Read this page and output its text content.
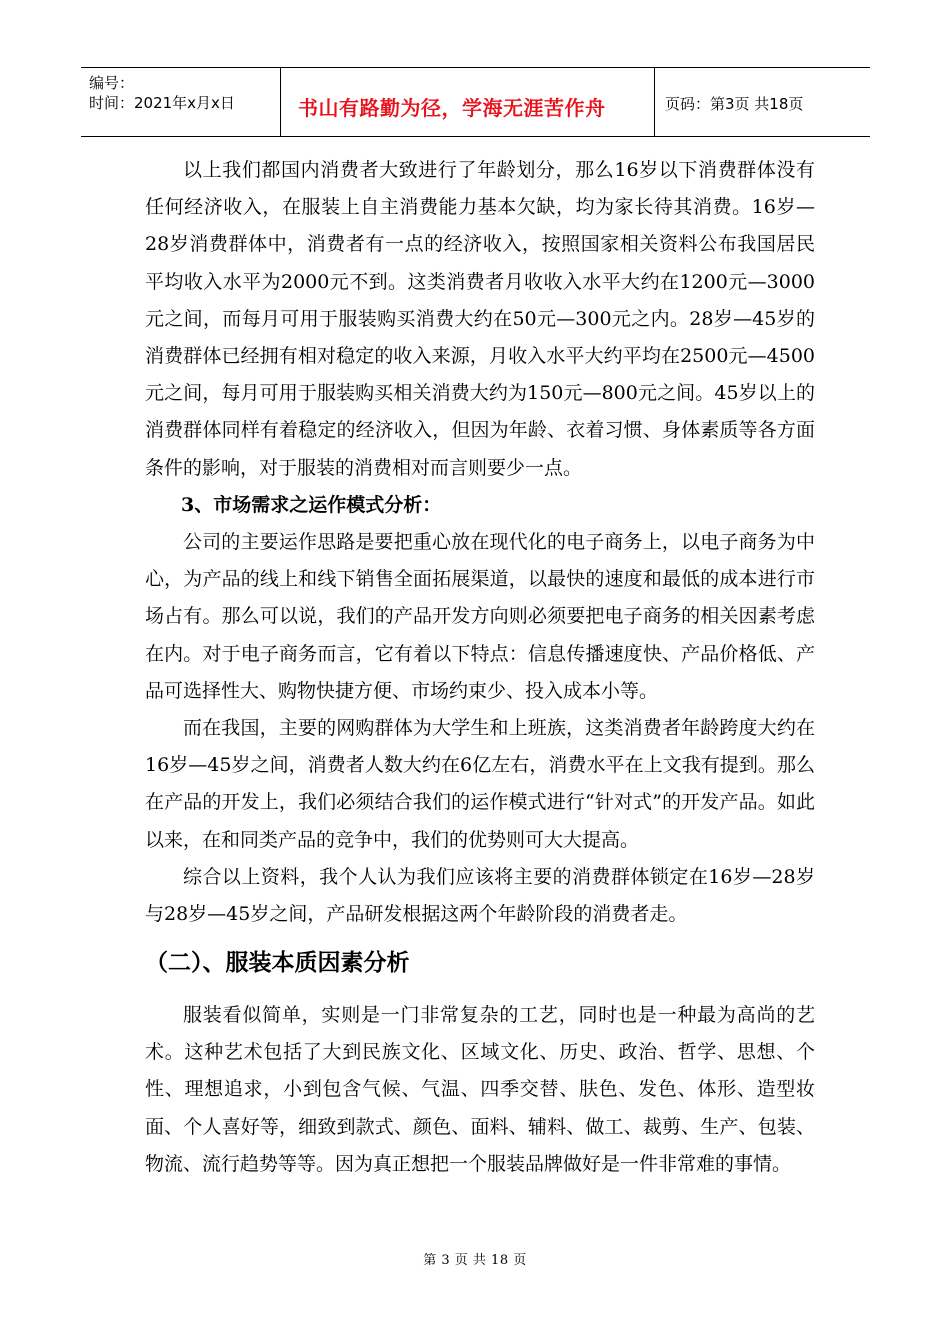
编号：
时间：2021年x月x日	书山有路勤为径，学海无涯苦作舟	页码：第3页 共18页

以上我们都国内消费者大致进行了年龄划分，那么16岁以下消费群体没有任何经济收入，在服装上自主消费能力基本欠缺，均为家长待其消费。16岁—28岁消费群体中，消费者有一点的经济收入，按照国家相关资料公布我国居民平均收入水平为2000元不到。这类消费者月收收入水平大约在1200元—3000元之间，而每月可用于服装购买消费大约在50元—300元之内。28岁—45岁的消费群体已经拥有相对稳定的收入来源，月收入水平大约平均在2500元—4500元之间，每月可用于服装购买相关消费大约为150元—800元之间。45岁以上的消费群体同样有着稳定的经济收入，但因为年龄、衣着习惯、身体素质等各方面条件的影响，对于服装的消费相对而言则要少一点。

3、市场需求之运作模式分析：

公司的主要运作思路是要把重心放在现代化的电子商务上，以电子商务为中心，为产品的线上和线下销售全面拓展渠道，以最快的速度和最低的成本进行市场占有。那么可以说，我们的产品开发方向则必须要把电子商务的相关因素考虑在内。对于电子商务而言，它有着以下特点：信息传播速度快、产品价格低、产品可选择性大、购物快捷方便、市场约束少、投入成本小等。

而在我国，主要的网购群体为大学生和上班族，这类消费者年龄跨度大约在16岁—45岁之间，消费者人数大约在6亿左右，消费水平在上文我有提到。那么在产品的开发上，我们必须结合我们的运作模式进行“针对式”的开发产品。如此以来，在和同类产品的竞争中，我们的优势则可大大提高。

综合以上资料，我个人认为我们应该将主要的消费群体锁定在16岁—28岁与28岁—45岁之间，产品研发根据这两个年龄阶段的消费者走。

（二）、服装本质因素分析

服装看似简单，实则是一门非常复杂的工艺，同时也是一种最为高尚的艺术。这种艺术包括了大到民族文化、区域文化、历史、政治、哲学、思想、个性、理想追求，小到包含气候、气温、四季交替、肤色、发色、体形、造型妆面、个人喜好等，细致到款式、颜色、面料、辅料、做工、裁剪、生产、包装、物流、流行趋势等等。因为真正想把一个服装品牌做好是一件非常难的事情。

第 3 页 共 18 页
